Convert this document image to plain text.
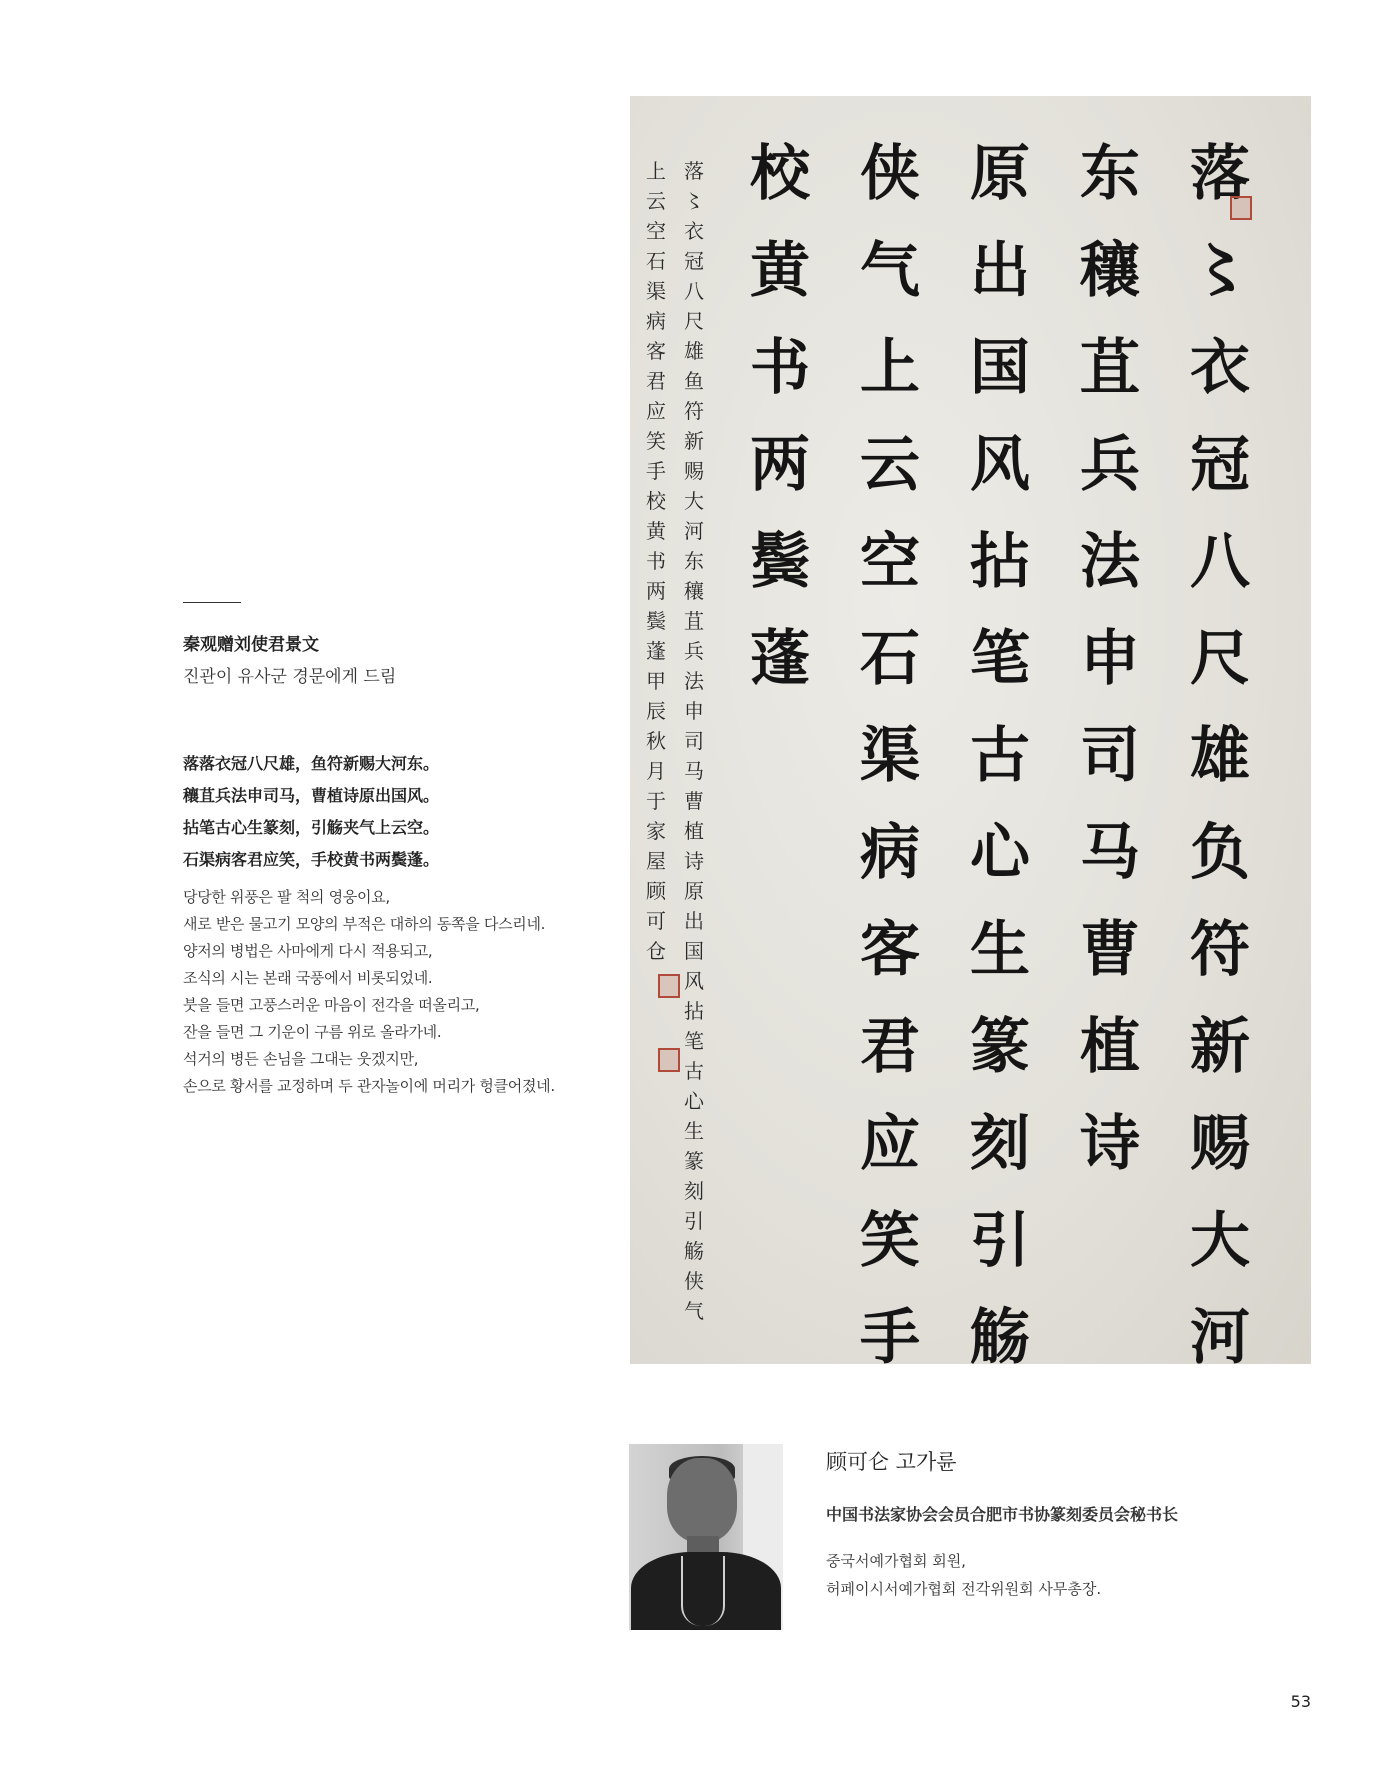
秦观赠刘使君景文
진관이 유사군 경문에게 드림
落落衣冠八尺雄，鱼符新赐大河东。
穰苴兵法申司马，曹植诗原出国风。
拈笔古心生篆刻，引觞夹气上云空。
石渠病客君应笑，手校黄书两鬓蓬。
당당한 위풍은 팔 척의 영웅이요,
새로 받은 물고기 모양의 부적은 대하의 동쪽을 다스리네.
양저의 병법은 사마에게 다시 적용되고,
조식의 시는 본래 국풍에서 비롯되었네.
붓을 들면 고풍스러운 마음이 전각을 떠올리고,
잔을 들면 그 기운이 구름 위로 올라가네.
석거의 병든 손님을 그대는 웃겠지만,
손으로 황서를 교정하며 두 관자놀이에 머리가 헝클어졌네.
落
〻
衣
冠
八
尺
雄
负
符
新
赐
大
河
东
穰
苴
兵
法
申
司
马
曹
植
诗
原
出
国
风
拈
笔
古
心
生
篆
刻
引
觞
侠
气
上
云
空
石
渠
病
客
君
应
笑
手
校
黄
书
两
鬓
蓬
落
〻
衣
冠
八
尺
雄
鱼
符
新
赐
大
河
东
穰
苴
兵
法
申
司
马
曹
植
诗
原
出
国
风
拈
笔
古
心
生
篆
刻
引
觞
侠
气
上
云
空
石
渠
病
客
君
应
笑
手
校
黄
书
两
鬓
蓬
甲
辰
秋
月
于
家
屋
顾
可
仓
顾可仑 고가륜
中国书法家协会会员合肥市书协篆刻委员会秘书长
중국서예가협회 회원,
허페이시서예가협회 전각위원회 사무총장.
53
